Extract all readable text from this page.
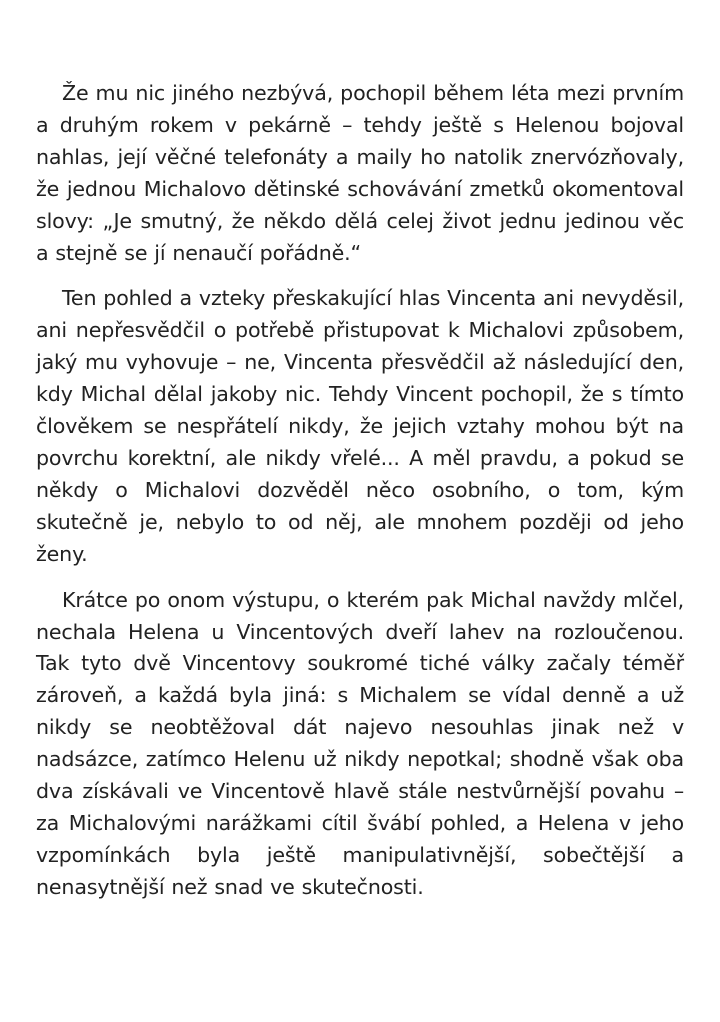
Že mu nic jiného nezbývá, pochopil během léta mezi prvním a druhým rokem v pekárně – tehdy ještě s Helenou bojoval nahlas, její věčné telefonáty a maily ho natolik znervózňovaly, že jednou Michalovo dětinské schovávání zmetků okomentoval slovy: „Je smutný, že někdo dělá celej život jednu jedinou věc a stejně se jí nenaučí pořádně.“

Ten pohled a vzteky přeskakující hlas Vincenta ani nevyděsil, ani nepřesvědčil o potřebě přistupovat k Michalovi způsobem, jaký mu vyhovuje – ne, Vincenta přesvědčil až následující den, kdy Michal dělal jakoby nic. Tehdy Vincent pochopil, že s tímto člověkem se nespřátelí nikdy, že jejich vztahy mohou být na povrchu korektní, ale nikdy vřelé... A měl pravdu, a pokud se někdy o Michalovi dozvěděl něco osobního, o tom, kým skutečně je, nebylo to od něj, ale mnohem později od jeho ženy.

Krátce po onom výstupu, o kterém pak Michal navždy mlčel, nechala Helena u Vincentových dveří lahev na rozloučenou. Tak tyto dvě Vincentovy soukromé tiché války začaly téměř zároveň, a každá byla jiná: s Michalem se vídal denně a už nikdy se neobtěžoval dát najevo nesouhlas jinak než v nadsázce, zatímco Helenu už nikdy nepotkal; shodně však oba dva získávali ve Vincentově hlavě stále nestvůrnější povahu – za Michalovými narážkami cítil švábí pohled, a Helena v jeho vzpomínkách byla ještě manipulativnější, sobečtější a nenasytnější než snad ve skutečnosti.
